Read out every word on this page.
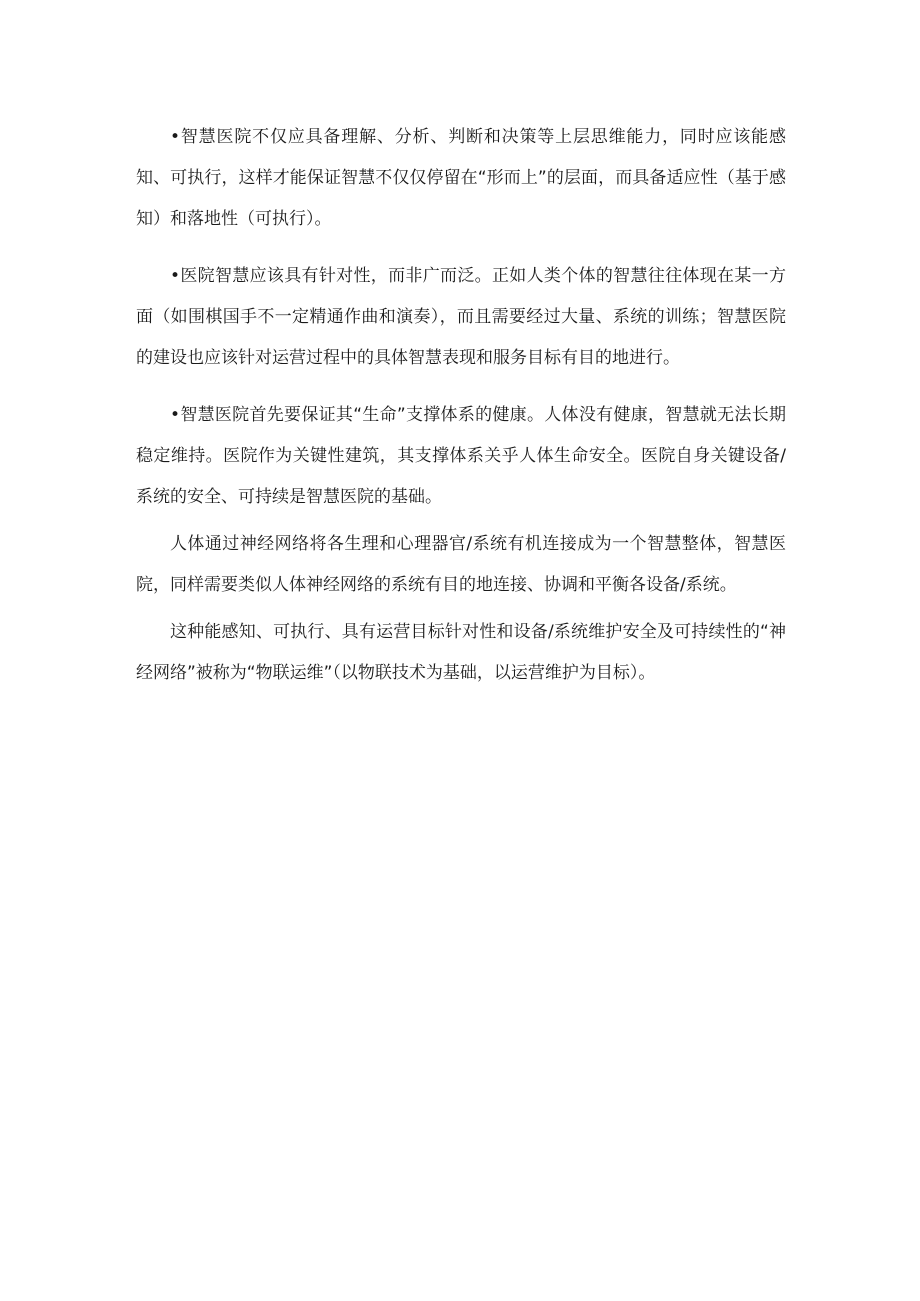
•智慧医院不仅应具备理解、分析、判断和决策等上层思维能力，同时应该能感知、可执行，这样才能保证智慧不仅仅停留在“形而上”的层面，而具备适应性（基于感知）和落地性（可执行）。

•医院智慧应该具有针对性，而非广而泛。正如人类个体的智慧往往体现在某一方面（如围棋国手不一定精通作曲和演奏），而且需要经过大量、系统的训练；智慧医院的建设也应该针对运营过程中的具体智慧表现和服务目标有目的地进行。

•智慧医院首先要保证其“生命”支撑体系的健康。人体没有健康，智慧就无法长期稳定维持。医院作为关键性建筑，其支撑体系关乎人体生命安全。医院自身关键设备/系统的安全、可持续是智慧医院的基础。

人体通过神经网络将各生理和心理器官/系统有机连接成为一个智慧整体，智慧医院，同样需要类似人体神经网络的系统有目的地连接、协调和平衡各设备/系统。

这种能感知、可执行、具有运营目标针对性和设备/系统维护安全及可持续性的“神经网络”被称为“物联运维”（以物联技术为基础，以运营维护为目标）。
